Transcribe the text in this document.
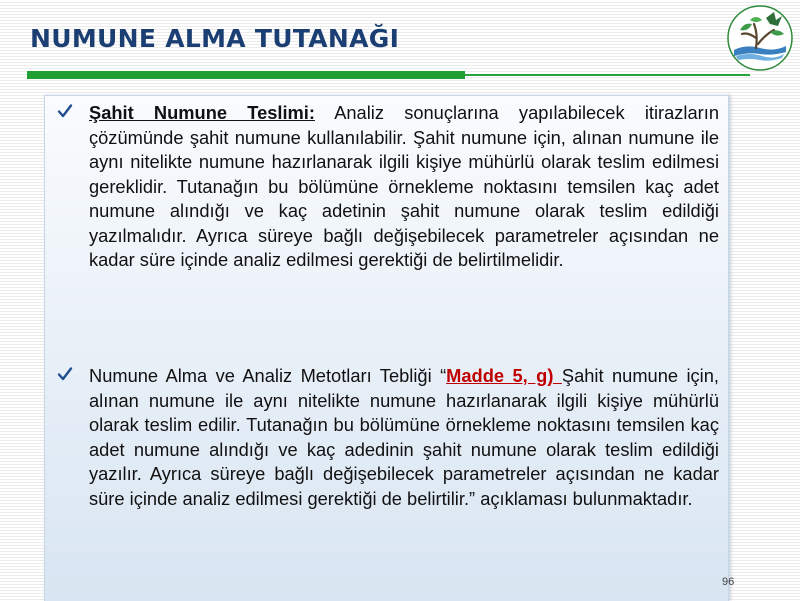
NUMUNE ALMA TUTANAĞI

Şahit Numune Teslimi: Analiz sonuçlarına yapılabilecek itirazların çözümünde şahit numune kullanılabilir. Şahit numune için, alınan numune ile aynı nitelikte numune hazırlanarak ilgili kişiye mühürlü olarak teslim edilmesi gereklidir. Tutanağın bu bölümüne örnekleme noktasını temsilen kaç adet numune alındığı ve kaç adetinin şahit numune olarak teslim edildiği yazılmalıdır. Ayrıca süreye bağlı değişebilecek parametreler açısından ne kadar süre içinde analiz edilmesi gerektiği de belirtilmelidir.

Numune Alma ve Analiz Metotları Tebliği “Madde 5, g) Şahit numune için, alınan numune ile aynı nitelikte numune hazırlanarak ilgili kişiye mühürlü olarak teslim edilir. Tutanağın bu bölümüne örnekleme noktasını temsilen kaç adet numune alındığı ve kaç adedinin şahit numune olarak teslim edildiği yazılır. Ayrıca süreye bağlı değişebilecek parametreler açısından ne kadar süre içinde analiz edilmesi gerektiği de belirtilir.” açıklaması bulunmaktadır.

96
